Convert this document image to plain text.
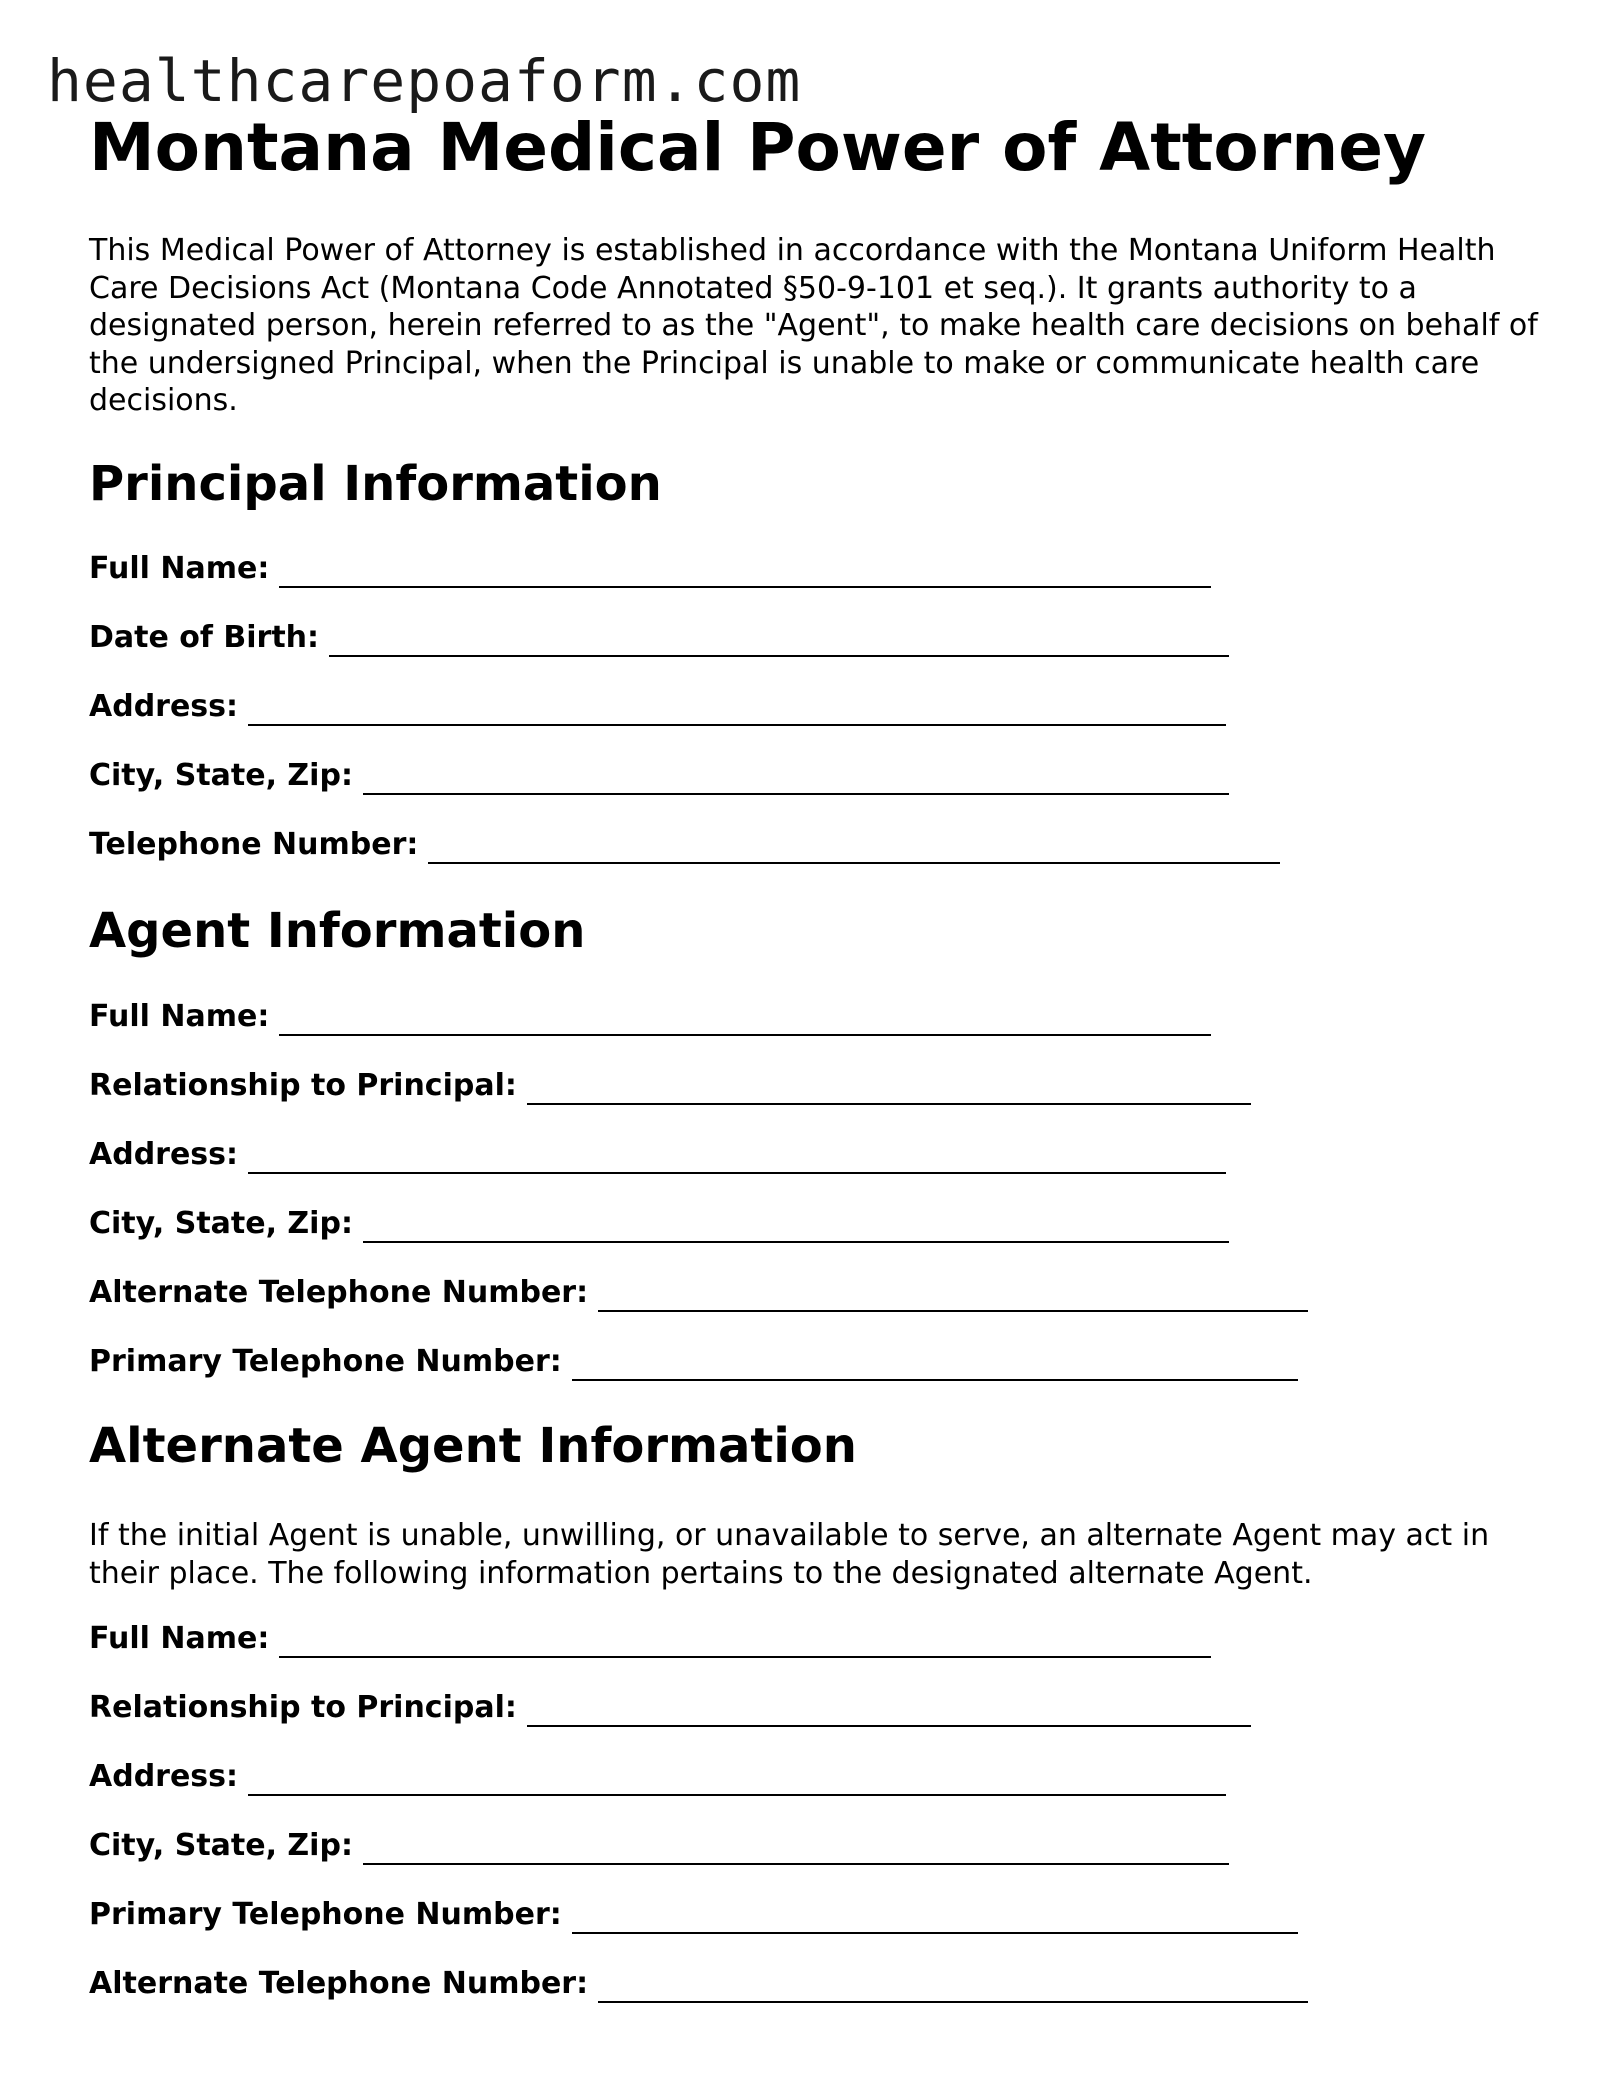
healthcarepoaform.com
Montana Medical Power of Attorney

This Medical Power of Attorney is established in accordance with the Montana Uniform Health Care Decisions Act (Montana Code Annotated §50-9-101 et seq.). It grants authority to a designated person, herein referred to as the "Agent", to make health care decisions on behalf of the undersigned Principal, when the Principal is unable to make or communicate health care decisions.

Principal Information
Full Name:
Date of Birth:
Address:
City, State, Zip:
Telephone Number:
Agent Information
Full Name:
Relationship to Principal:
Address:
City, State, Zip:
Alternate Telephone Number:
Primary Telephone Number:
Alternate Agent Information

If the initial Agent is unable, unwilling, or unavailable to serve, an alternate Agent may act in their place. The following information pertains to the designated alternate Agent.

Full Name:
Relationship to Principal:
Address:
City, State, Zip:
Primary Telephone Number:
Alternate Telephone Number:
